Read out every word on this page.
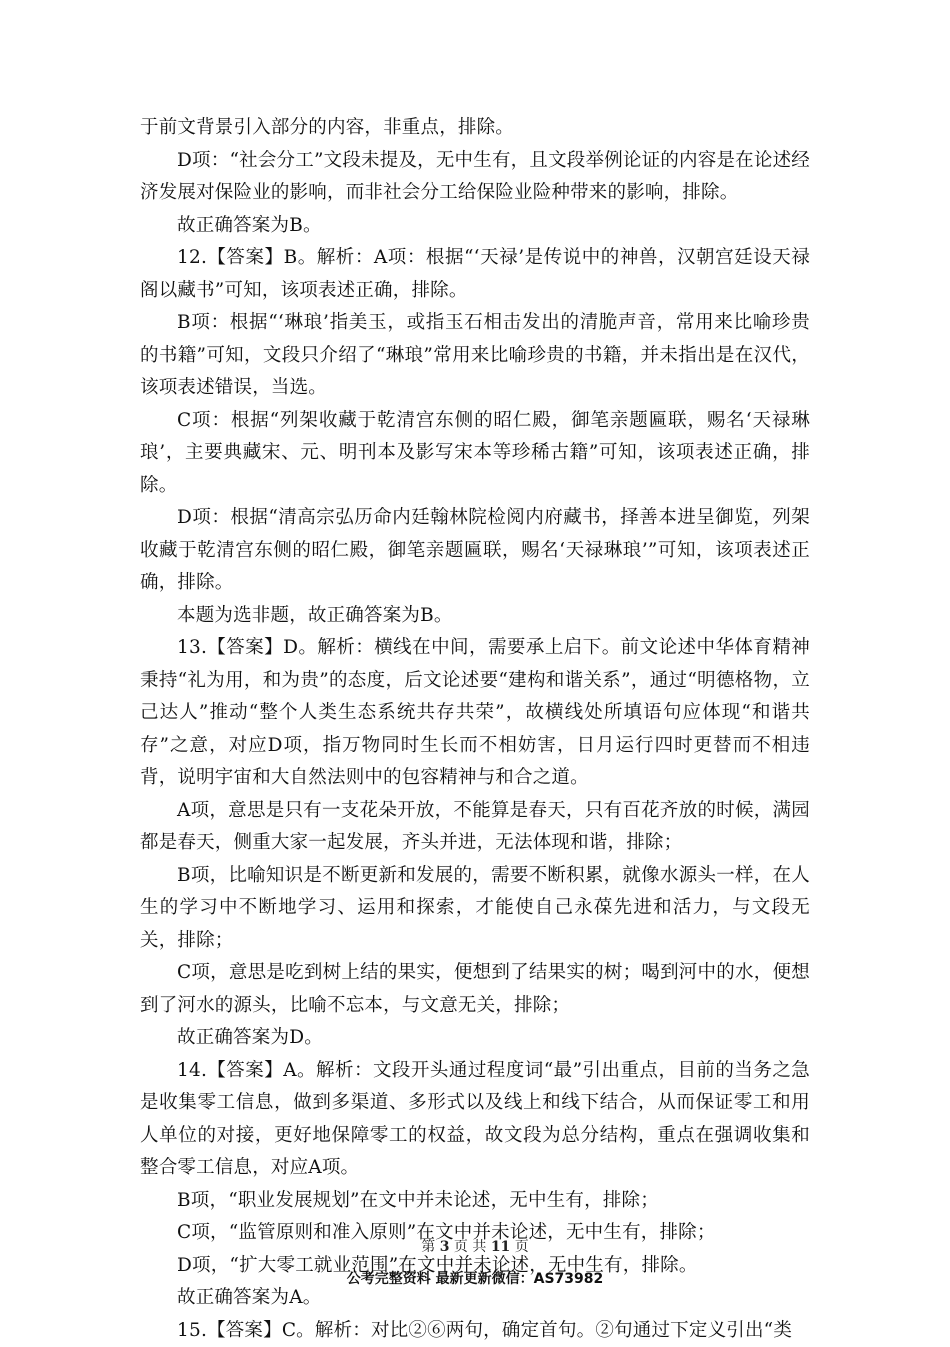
于前文背景引入部分的内容，非重点，排除。

D项：“社会分工”文段未提及，无中生有，且文段举例论证的内容是在论述经济发展对保险业的影响，而非社会分工给保险业险种带来的影响，排除。

故正确答案为B。

12.【答案】B。解析：A项：根据“‘天禄’是传说中的神兽，汉朝宫廷设天禄阁以藏书”可知，该项表述正确，排除。

B项：根据“‘琳琅’指美玉，或指玉石相击发出的清脆声音，常用来比喻珍贵的书籍”可知，文段只介绍了“琳琅”常用来比喻珍贵的书籍，并未指出是在汉代，该项表述错误，当选。

C项：根据“列架收藏于乾清宫东侧的昭仁殿，御笔亲题匾联，赐名‘天禄琳琅’，主要典藏宋、元、明刊本及影写宋本等珍稀古籍”可知，该项表述正确，排除。

D项：根据“清高宗弘历命内廷翰林院检阅内府藏书，择善本进呈御览，列架收藏于乾清宫东侧的昭仁殿，御笔亲题匾联，赐名‘天禄琳琅’”可知，该项表述正确，排除。

本题为选非题，故正确答案为B。

13.【答案】D。解析：横线在中间，需要承上启下。前文论述中华体育精神秉持“礼为用，和为贵”的态度，后文论述要“建构和谐关系”，通过“明德格物，立己达人”推动“整个人类生态系统共存共荣”，故横线处所填语句应体现“和谐共存”之意，对应D项，指万物同时生长而不相妨害，日月运行四时更替而不相违背，说明宇宙和大自然法则中的包容精神与和合之道。

A项，意思是只有一支花朵开放，不能算是春天，只有百花齐放的时候，满园都是春天，侧重大家一起发展，齐头并进，无法体现和谐，排除；

B项，比喻知识是不断更新和发展的，需要不断积累，就像水源头一样，在人生的学习中不断地学习、运用和探索，才能使自己永葆先进和活力，与文段无关，排除；

C项，意思是吃到树上结的果实，便想到了结果实的树；喝到河中的水，便想到了河水的源头，比喻不忘本，与文意无关，排除；

故正确答案为D。

14.【答案】A。解析：文段开头通过程度词“最”引出重点，目前的当务之急是收集零工信息，做到多渠道、多形式以及线上和线下结合，从而保证零工和用人单位的对接，更好地保障零工的权益，故文段为总分结构，重点在强调收集和整合零工信息，对应A项。

B项，“职业发展规划”在文中并未论述，无中生有，排除；

C项，“监管原则和准入原则”在文中并未论述，无中生有，排除；

D项，“扩大零工就业范围”在文中并未论述，无中生有，排除。

故正确答案为A。

15.【答案】C。解析：对比②⑥两句，确定首句。②句通过下定义引出“类

第 3 页 共 11 页
公考完整资料 最新更新微信：AS73982
